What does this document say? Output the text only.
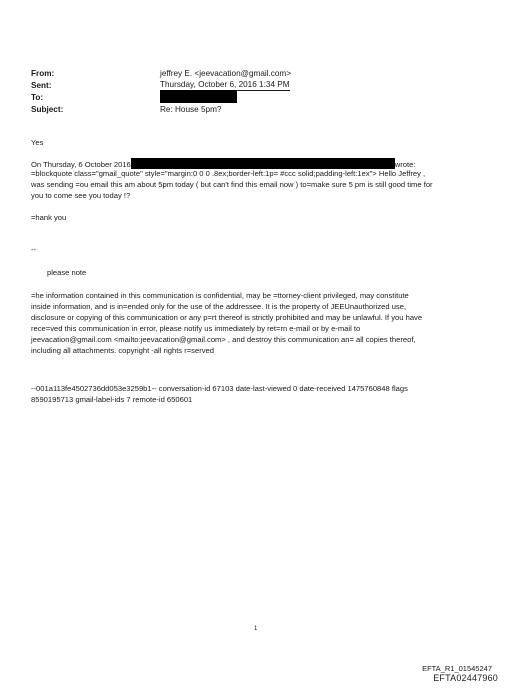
From:	jeffrey E. <jeevacation@gmail.com>
Sent:	Thursday, October 6, 2016 1:34 PM
To:
Subject:	Re: House 5pm?
Yes
On Thursday, 6 October 2016	wrote:
=blockquote class="gmail_quote" style="margin:0 0 0 .8ex;border-left:1p= #ccc solid;padding-left:1ex"> Hello Jeffrey ,
was sending =ou email this am about 5pm today ( but can't find this email now ) to=make sure 5 pm is still good time for
you to come see you today !?
=hank you
--
please note
=he information contained in this communication is confidential, may be =ttorney-client privileged, may constitute
inside information, and is in=ended only for the use of the addressee. It is the property of JEEUnauthorized use,
disclosure or copying of this communication or any p=rt thereof is strictly prohibited and may be unlawful. If you have
rece=ved this communication in error, please notify us immediately by ret=rn e-mail or by e-mail to
jeevacation@gmail.com <mailto:jeevacation@gmail.com> , and destroy this communication an= all copies thereof,
including all attachments. copyright -all rights r=served
--001a113fe4502736dd053e3259b1-- conversation-id 67103 date-last-viewed 0 date-received 1475760848 flags
8590195713 gmail-label-ids 7 remote-id 650601
1
EFTA_R1_01545247
EFTA02447960
